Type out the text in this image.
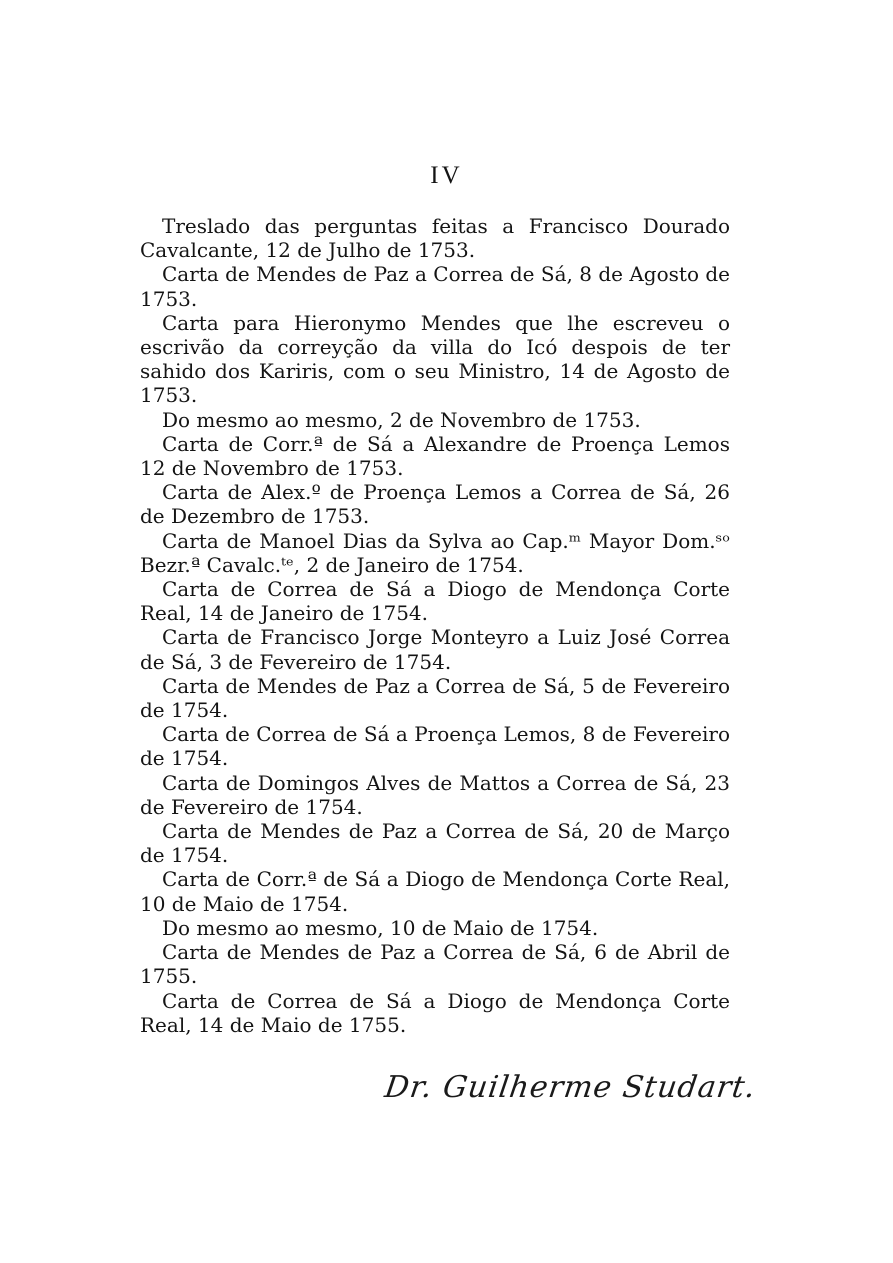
IV

Treslado das perguntas feitas a Francisco Dourado Cavalcante, 12 de Julho de 1753.

Carta de Mendes de Paz a Correa de Sá, 8 de Agosto de 1753.

Carta para Hieronymo Mendes que lhe escreveu o escrivão da correyção da villa do Icó despois de ter sahido dos Kariris, com o seu Ministro, 14 de Agosto de 1753.

Do mesmo ao mesmo, 2 de Novembro de 1753.

Carta de Corr.ª de Sá a Alexandre de Proença Lemos 12 de Novembro de 1753.

Carta de Alex.º de Proença Lemos a Correa de Sá, 26 de Dezembro de 1753.

Carta de Manoel Dias da Sylva ao Cap.ᵐ Mayor Dom.ˢᵒ Bezr.ª Cavalc.ᵗᵉ, 2 de Janeiro de 1754.

Carta de Correa de Sá a Diogo de Mendonça Corte Real, 14 de Janeiro de 1754.

Carta de Francisco Jorge Monteyro a Luiz José Correa de Sá, 3 de Fevereiro de 1754.

Carta de Mendes de Paz a Correa de Sá, 5 de Fevereiro de 1754.

Carta de Correa de Sá a Proença Lemos, 8 de Fevereiro de 1754.

Carta de Domingos Alves de Mattos a Correa de Sá, 23 de Fevereiro de 1754.

Carta de Mendes de Paz a Correa de Sá, 20 de Março de 1754.

Carta de Corr.ª de Sá a Diogo de Mendonça Corte Real, 10 de Maio de 1754.

Do mesmo ao mesmo, 10 de Maio de 1754.

Carta de Mendes de Paz a Correa de Sá, 6 de Abril de 1755.

Carta de Correa de Sá a Diogo de Mendonça Corte Real, 14 de Maio de 1755.

Dr. Guilherme Studart.
